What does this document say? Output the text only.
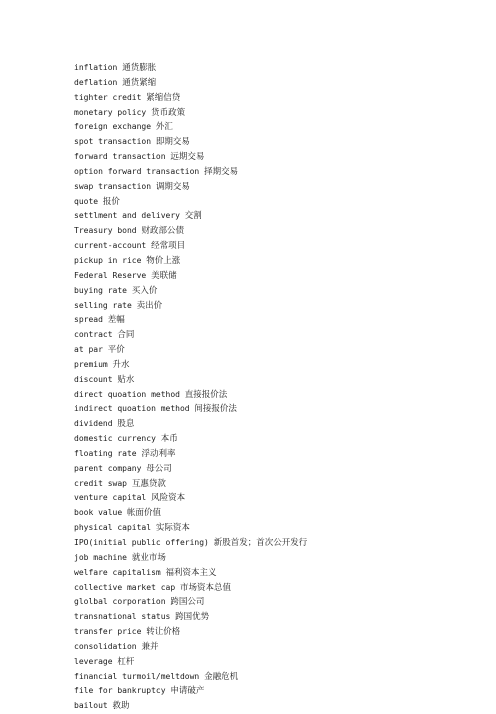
inflation 通货膨胀
deflation 通货紧缩
tighter credit 紧缩信贷
monetary policy 货币政策
foreign exchange 外汇
spot transaction 即期交易
forward transaction 远期交易
option forward transaction 择期交易
swap transaction 调期交易
quote 报价
settlment and delivery 交割
Treasury bond 财政部公债
current-account 经常项目
pickup in rice 物价上涨
Federal Reserve 美联储
buying rate 买入价
selling rate 卖出价
spread 差幅
contract 合同
at par 平价
premium 升水
discount 贴水
direct quoation method 直接报价法
indirect quoation method 间接报价法
dividend 股息
domestic currency 本币
floating rate 浮动利率
parent company 母公司
credit swap 互惠贷款
venture capital 风险资本
book value 帐面价值
physical capital 实际资本
IPO(initial public offering) 新股首发；首次公开发行
job machine 就业市场
welfare capitalism 福利资本主义
collective market cap 市场资本总值
glolbal corporation 跨国公司
transnational status 跨国优势
transfer price 转让价格
consolidation 兼并
leverage 杠杆
financial turmoil/meltdown 金融危机
file for bankruptcy 申请破产
bailout 救助
